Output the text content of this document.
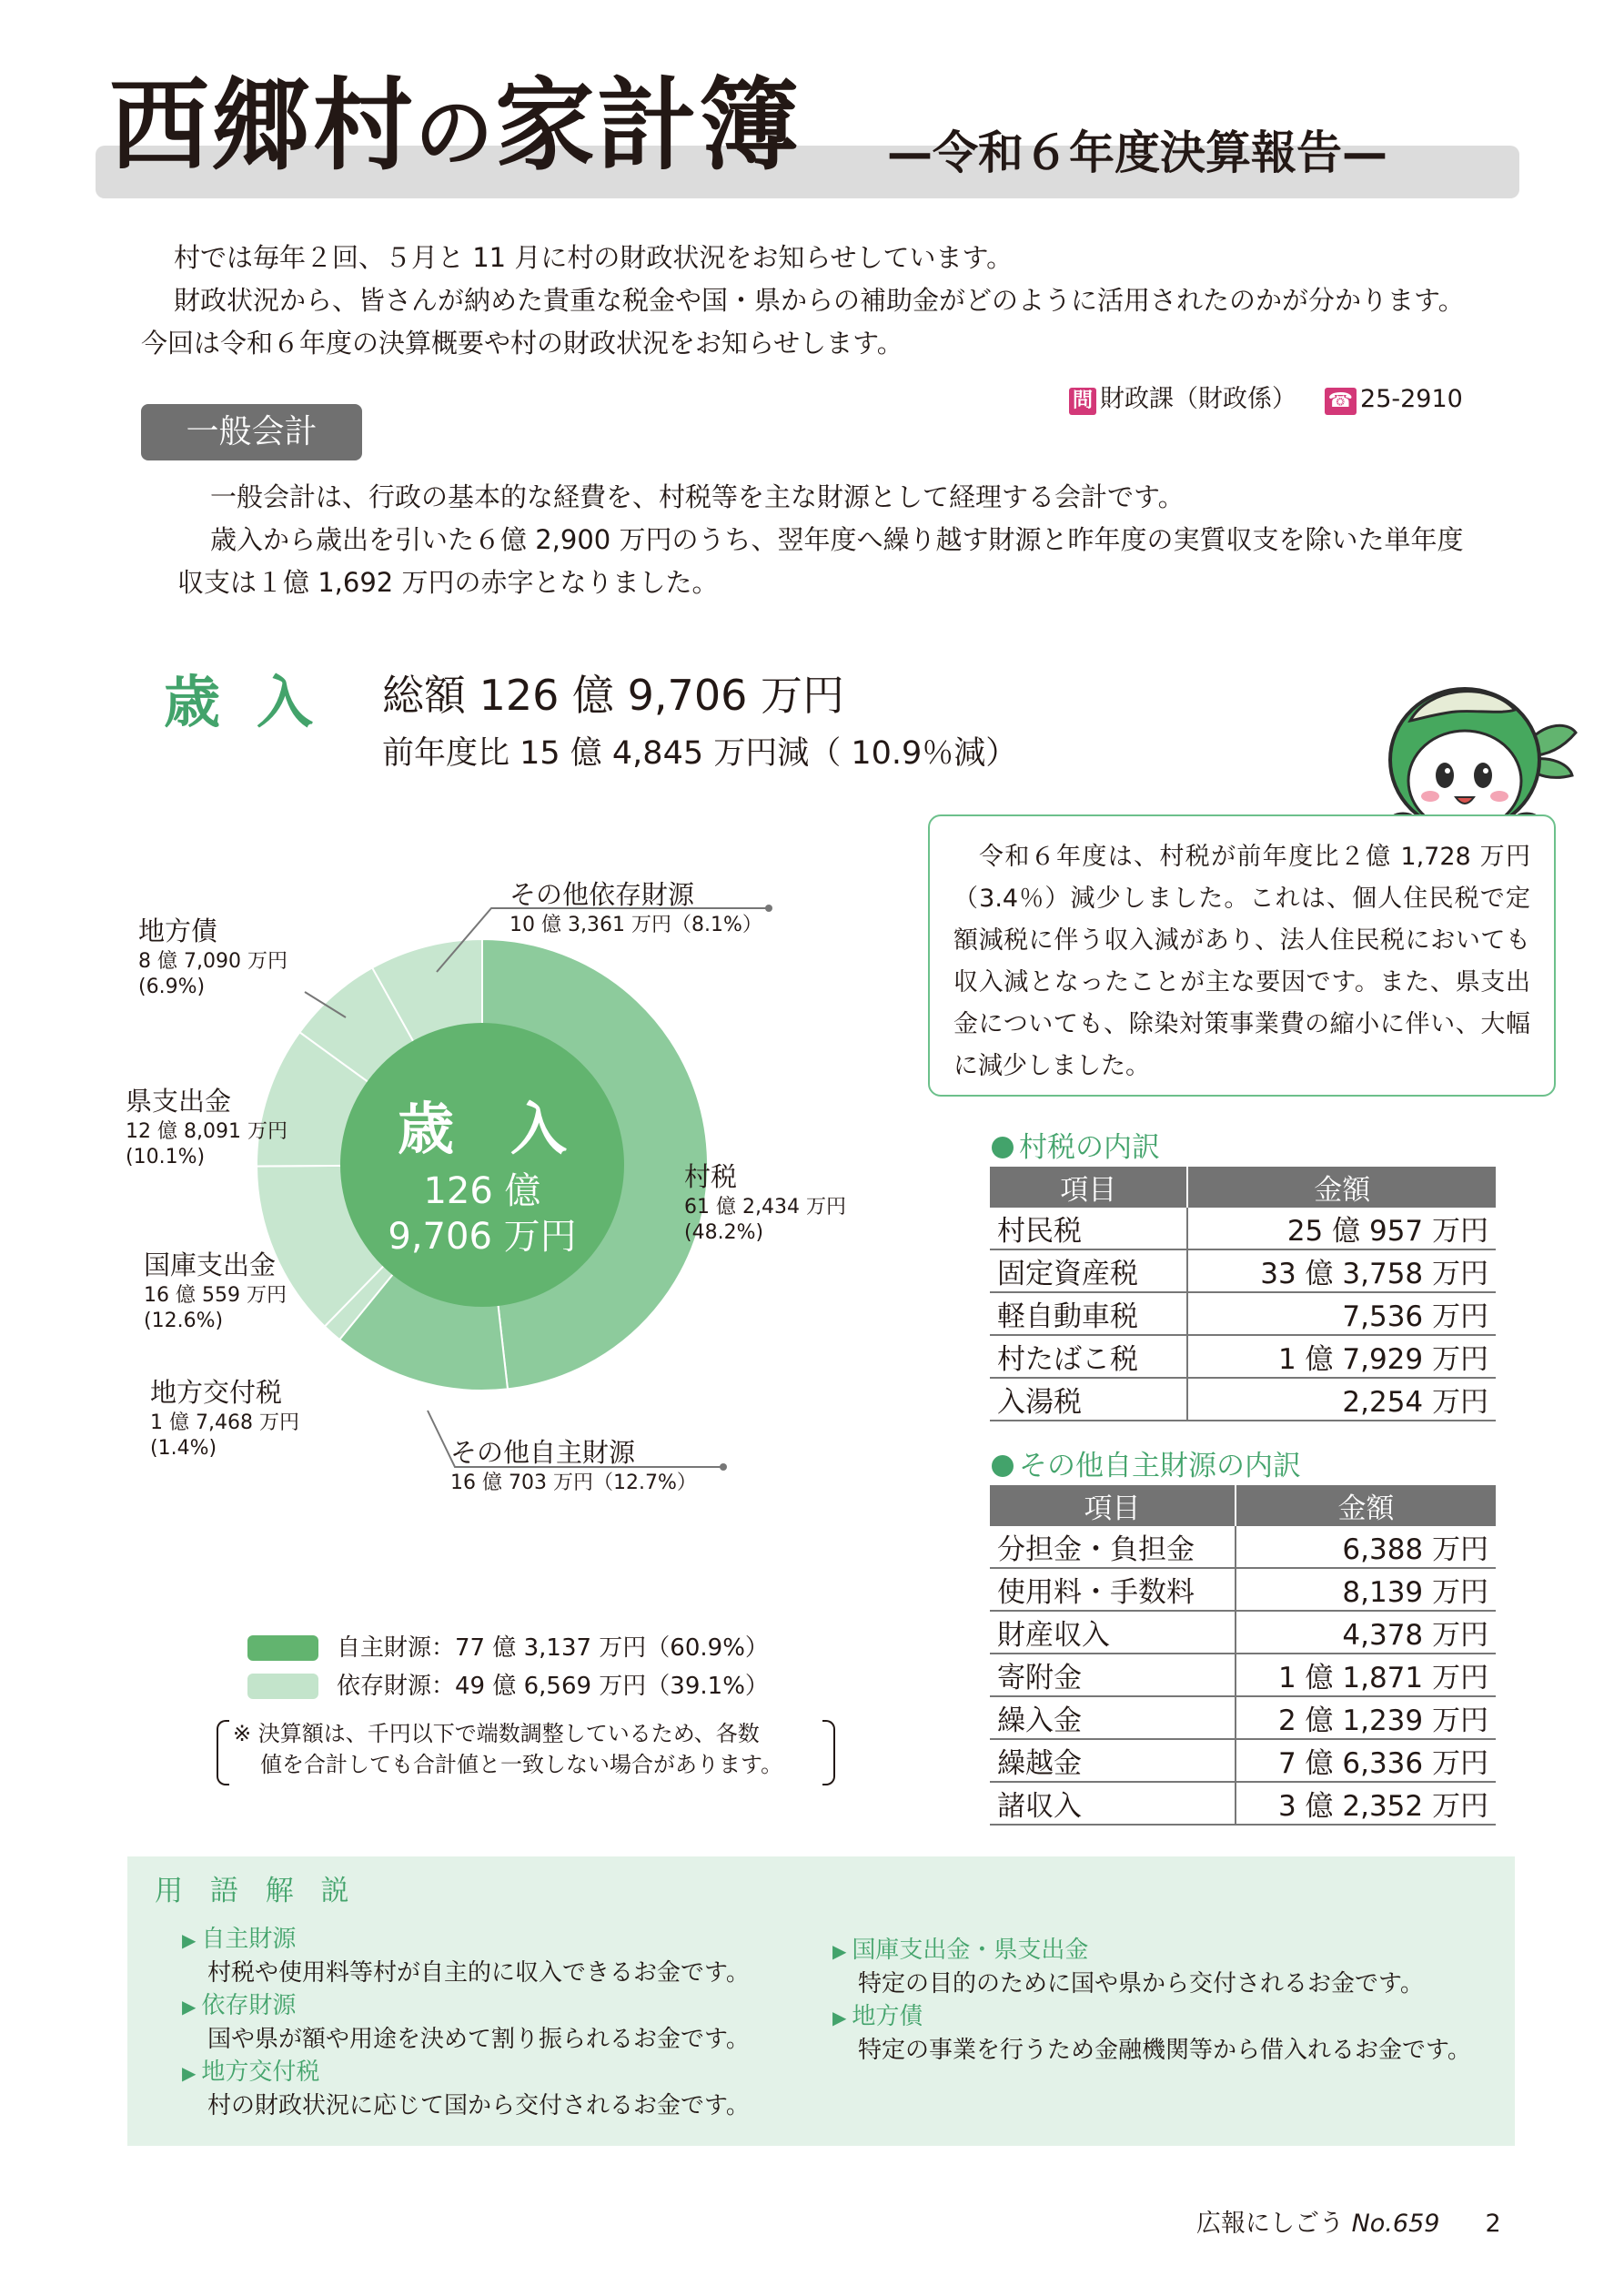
西郷村の家計簿 —令和６年度決算報告—

村では毎年２回、５月と 11 月に村の財政状況をお知らせしています。

財政状況から、皆さんが納めた貴重な税金や国・県からの補助金がどのように活用されたのかが分かります。今回は令和６年度の決算概要や村の財政状況をお知らせします。

問 財政課（財政係） ☎ 25-2910
一般会計

一般会計は、行政の基本的な経費を、村税等を主な財源として経理する会計です。

歳入から歳出を引いた６億 2,900 万円のうち、翌年度へ繰り越す財源と昨年度の実質収支を除いた単年度収支は１億 1,692 万円の赤字となりました。

歳入 総額 126 億 9,706 万円
前年度比 15 億 4,845 万円減（ 10.9％減）
令和６年度は、村税が前年度比２億 1,728 万円（3.4％）減少しました。これは、個人住民税で定額減税に伴う収入減があり、法人住民税においても収入減となったことが主な要因です。また、県支出金についても、除染対策事業費の縮小に伴い、大幅に減少しました。
歳　入
126 億
9,706 万円
その他依存財源
10 億 3,361 万円（8.1%）
地方債
8 億 7,090 万円
(6.9%)
県支出金
12 億 8,091 万円
(10.1%)
村税
61 億 2,434 万円
(48.2%)
国庫支出金
16 億 559 万円
(12.6%)
地方交付税
1 億 7,468 万円
(1.4%)	その他自主財源
16 億 703 万円（12.7%）
自主財源：77 億 3,137 万円（60.9%）
依存財源：49 億 6,569 万円（39.1%）
※ 決算額は、千円以下で端数調整しているため、各数
値を合計しても合計値と一致しない場合があります。
村税の内訳
項目	金額
村民税	25 億 957 万円
固定資産税	33 億 3,758 万円
軽自動車税	7,536 万円
村たばこ税	1 億 7,929 万円
入湯税	2,254 万円
その他自主財源の内訳
項目	金額
分担金・負担金	6,388 万円
使用料・手数料	8,139 万円
財産収入	4,378 万円
寄附金	1 億 1,871 万円
繰入金	2 億 1,239 万円
繰越金	7 億 6,336 万円
諸収入	3 億 2,352 万円
用 語 解 説
▶ 自主財源
村税や使用料等村が自主的に収入できるお金です。
▶ 依存財源
国や県が額や用途を決めて割り振られるお金です。
▶ 地方交付税
村の財政状況に応じて国から交付されるお金です。
▶ 国庫支出金・県支出金
特定の目的のために国や県から交付されるお金です。
▶ 地方債
特定の事業を行うため金融機関等から借入れるお金です。
広報にしごう No.659 2
